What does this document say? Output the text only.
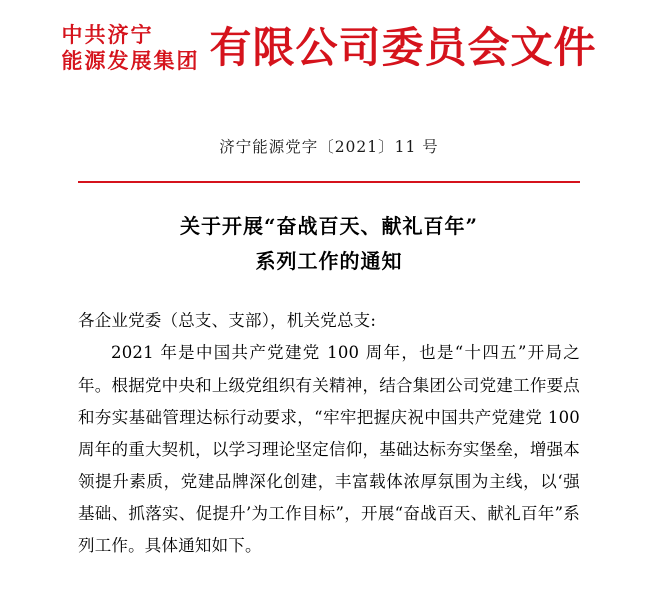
中共济宁
能源发展集团 有限公司委员会文件
济宁能源党字〔2021〕11 号
关于开展“奋战百天、献礼百年”
系列工作的通知

各企业党委（总支、支部），机关党总支:

2021 年是中国共产党建党 100 周年，也是“十四五”开局之年。根据党中央和上级党组织有关精神，结合集团公司党建工作要点和夯实基础管理达标行动要求，“牢牢把握庆祝中国共产党建党 100 周年的重大契机，以学习理论坚定信仰，基础达标夯实堡垒，增强本领提升素质，党建品牌深化创建，丰富载体浓厚氛围为主线，以‘强基础、抓落实、促提升’为工作目标”，开展“奋战百天、献礼百年”系列工作。具体通知如下。
